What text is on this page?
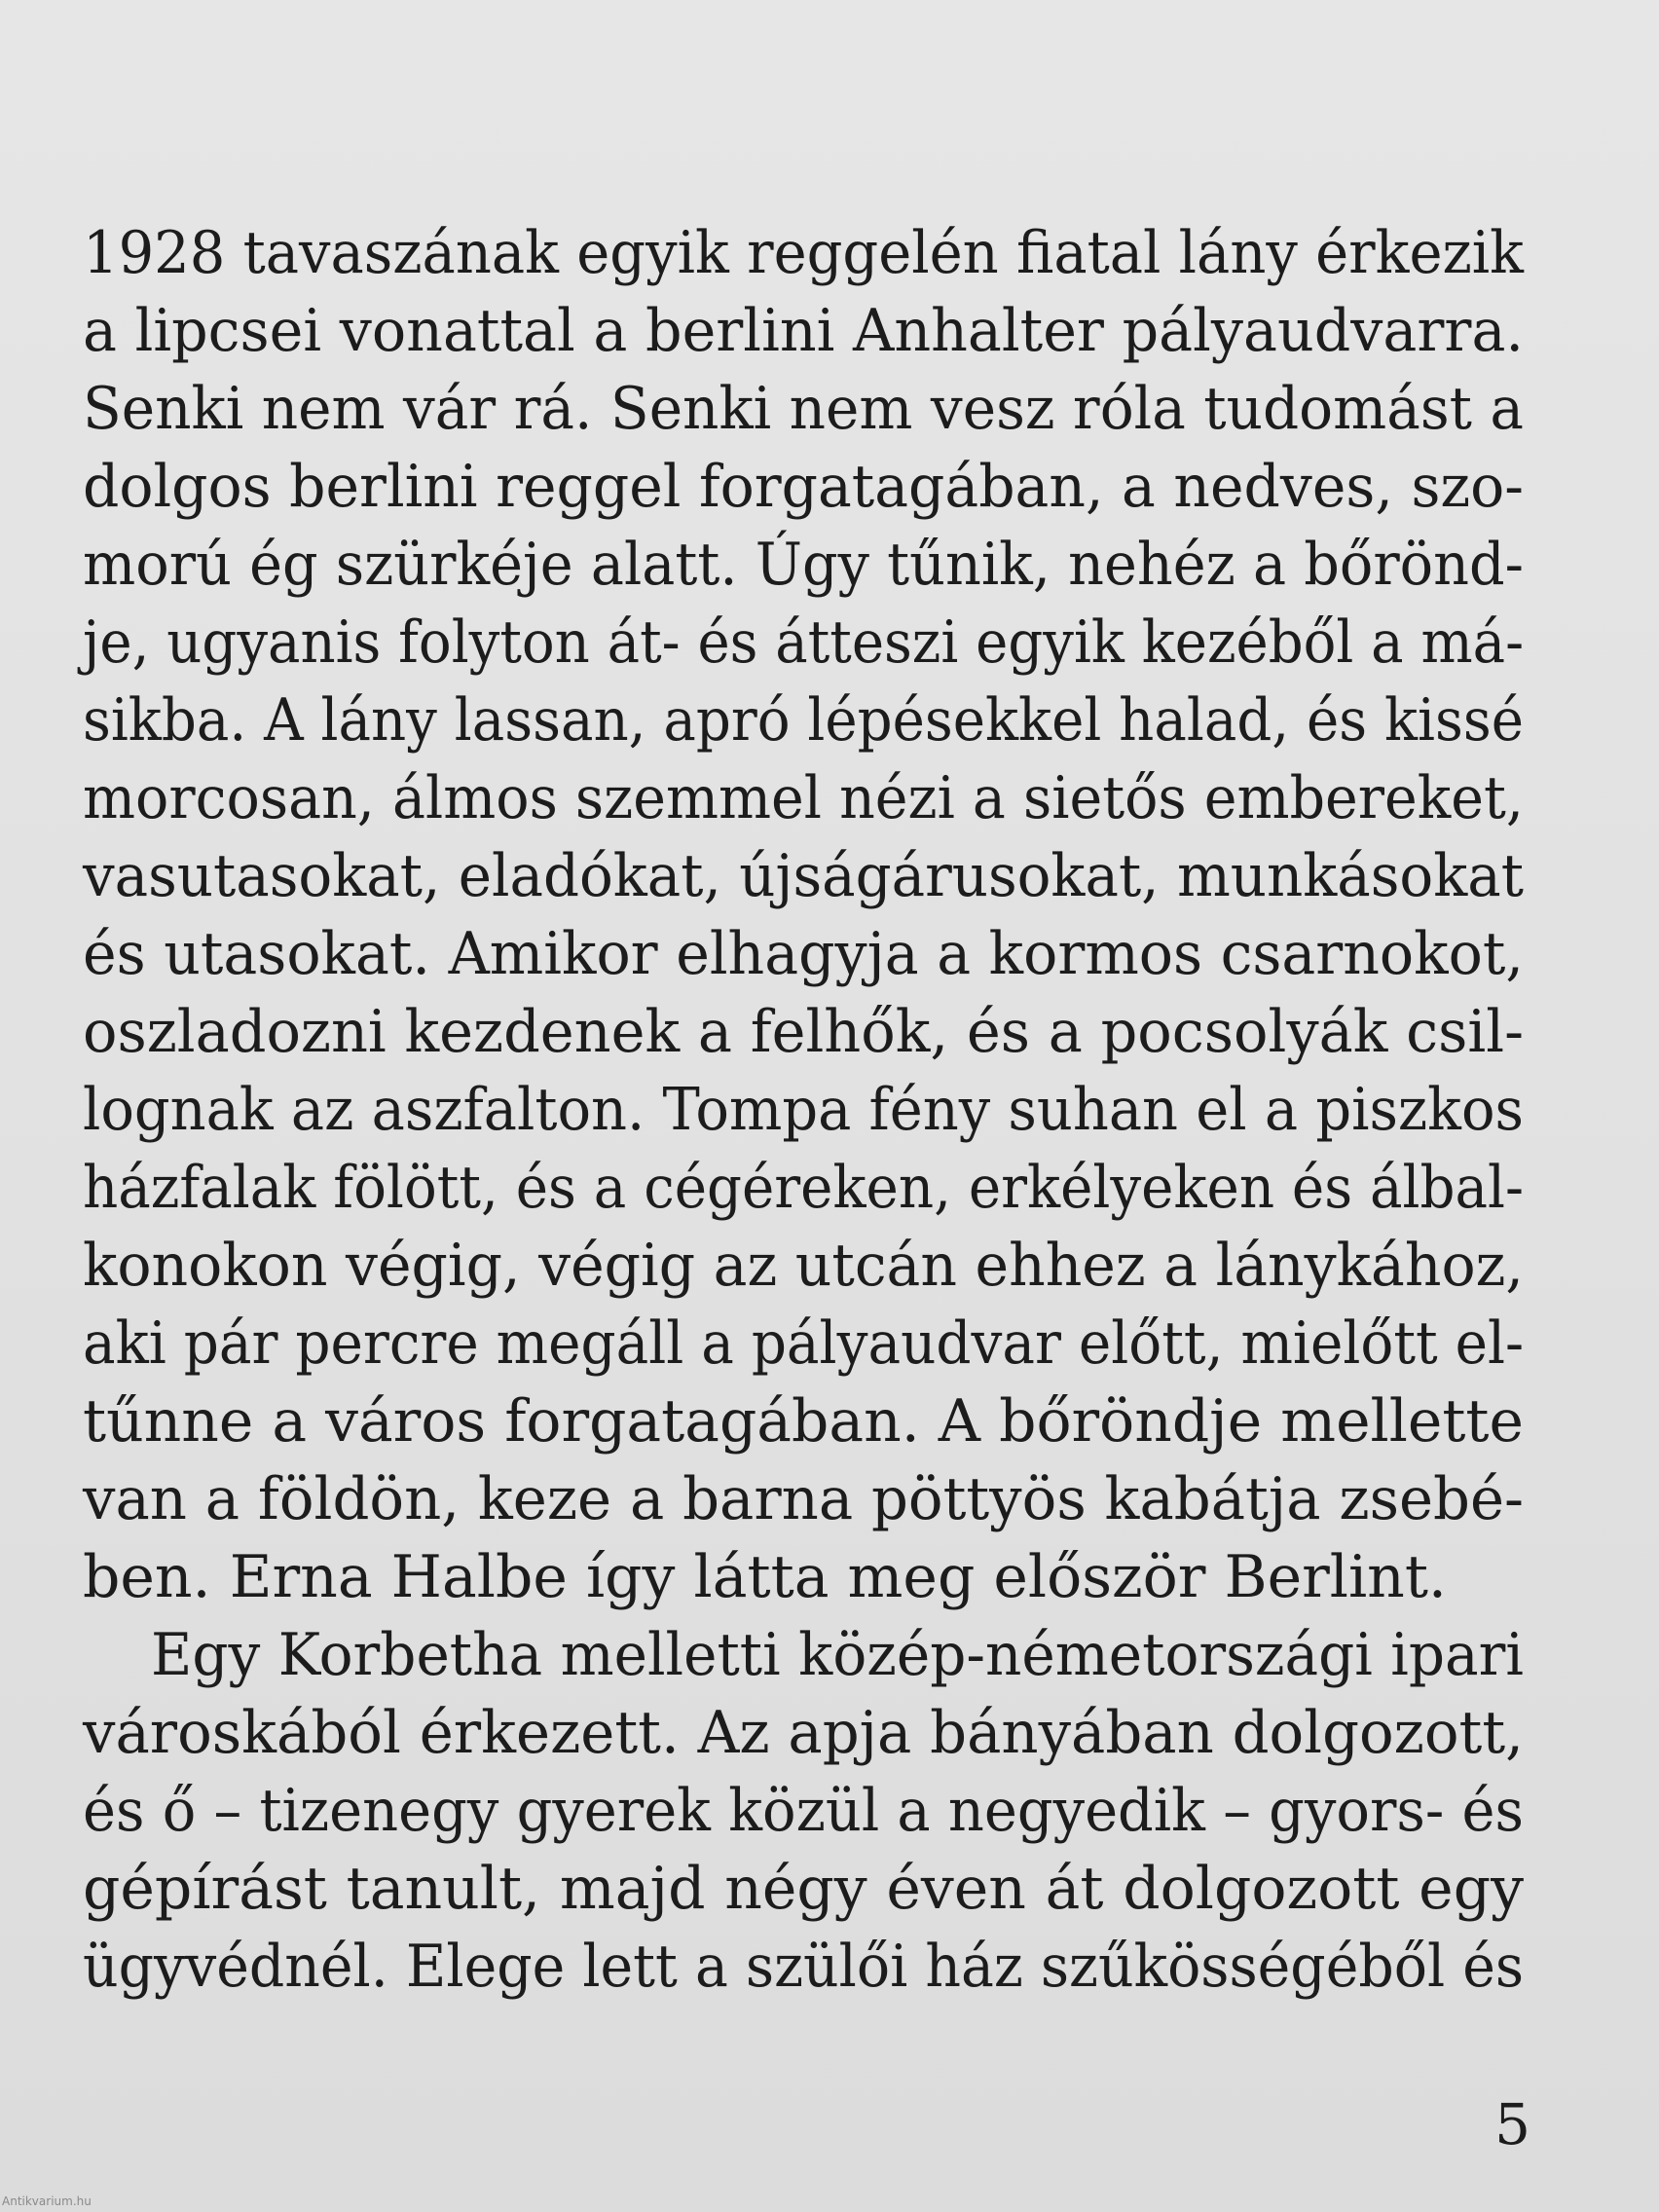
1928 tavaszának egyik reggelén fiatal lány érkezik
a lipcsei vonattal a berlini Anhalter pályaudvarra.
Senki nem vár rá. Senki nem vesz róla tudomást a
dolgos berlini reggel forgatagában, a nedves, szo-
morú ég szürkéje alatt. Úgy tűnik, nehéz a bőrönd-
je, ugyanis folyton át- és átteszi egyik kezéből a má-
sikba. A lány lassan, apró lépésekkel halad, és kissé
morcosan, álmos szemmel nézi a sietős embereket,
vasutasokat, eladókat, újságárusokat, munkásokat
és utasokat. Amikor elhagyja a kormos csarnokot,
oszladozni kezdenek a felhők, és a pocsolyák csil-
lognak az aszfalton. Tompa fény suhan el a piszkos
házfalak fölött, és a cégéreken, erkélyeken és álbal-
konokon végig, végig az utcán ehhez a lánykához,
aki pár percre megáll a pályaudvar előtt, mielőtt el-
tűnne a város forgatagában. A bőröndje mellette
van a földön, keze a barna pöttyös kabátja zsebé-
ben. Erna Halbe így látta meg először Berlint.
Egy Korbetha melletti közép-németországi ipari
városkából érkezett. Az apja bányában dolgozott,
és ő – tizenegy gyerek közül a negyedik – gyors- és
gépírást tanult, majd négy éven át dolgozott egy
ügyvédnél. Elege lett a szülői ház szűkösségéből és
5
Antikvarium.hu
